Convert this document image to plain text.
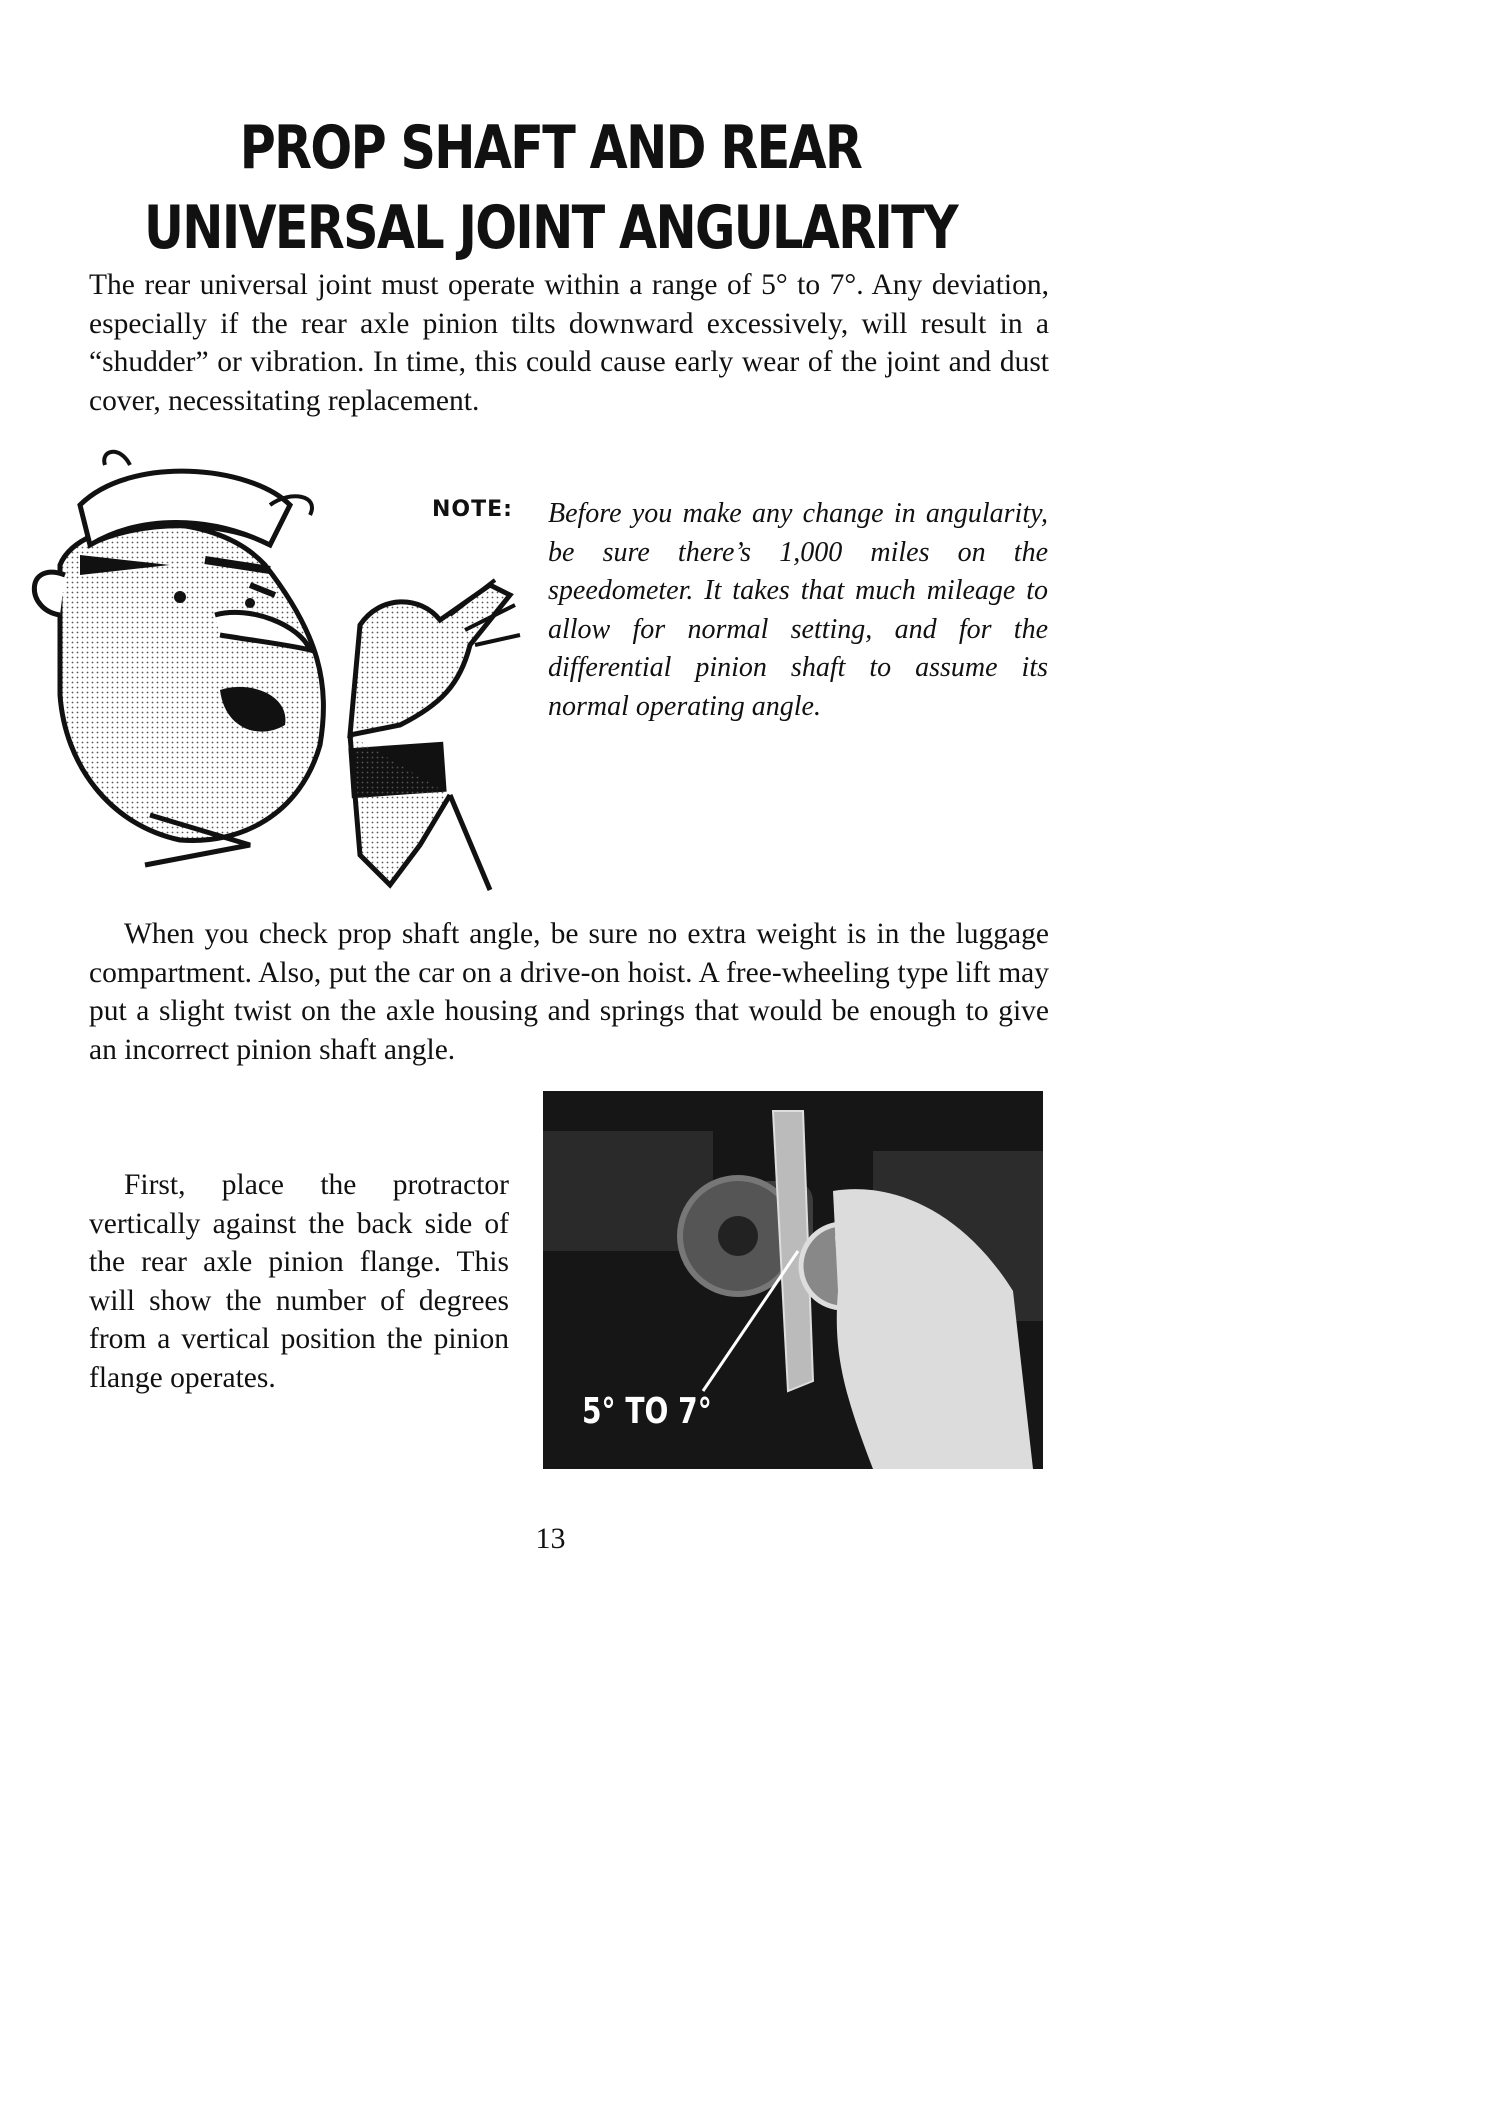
PROP SHAFT AND REAR
UNIVERSAL JOINT ANGULARITY

The rear universal joint must operate within a range of 5° to 7°. Any deviation, especially if the rear axle pinion tilts downward excessively, will result in a “shudder” or vibration. In time, this could cause early wear of the joint and dust cover, necessitating replacement.

NOTE: Before you make any change in angularity, be sure there’s 1,000 miles on the speedometer. It takes that much mileage to allow for normal setting, and for the differential pinion shaft to assume its normal operating angle.

When you check prop shaft angle, be sure no extra weight is in the luggage compartment. Also, put the car on a drive-on hoist. A free-wheeling type lift may put a slight twist on the axle housing and springs that would be enough to give an incorrect pinion shaft angle.

First, place the protractor vertically against the back side of the rear axle pinion flange. This will show the number of degrees from a vertical position the pinion flange operates.

5° TO 7°
13
